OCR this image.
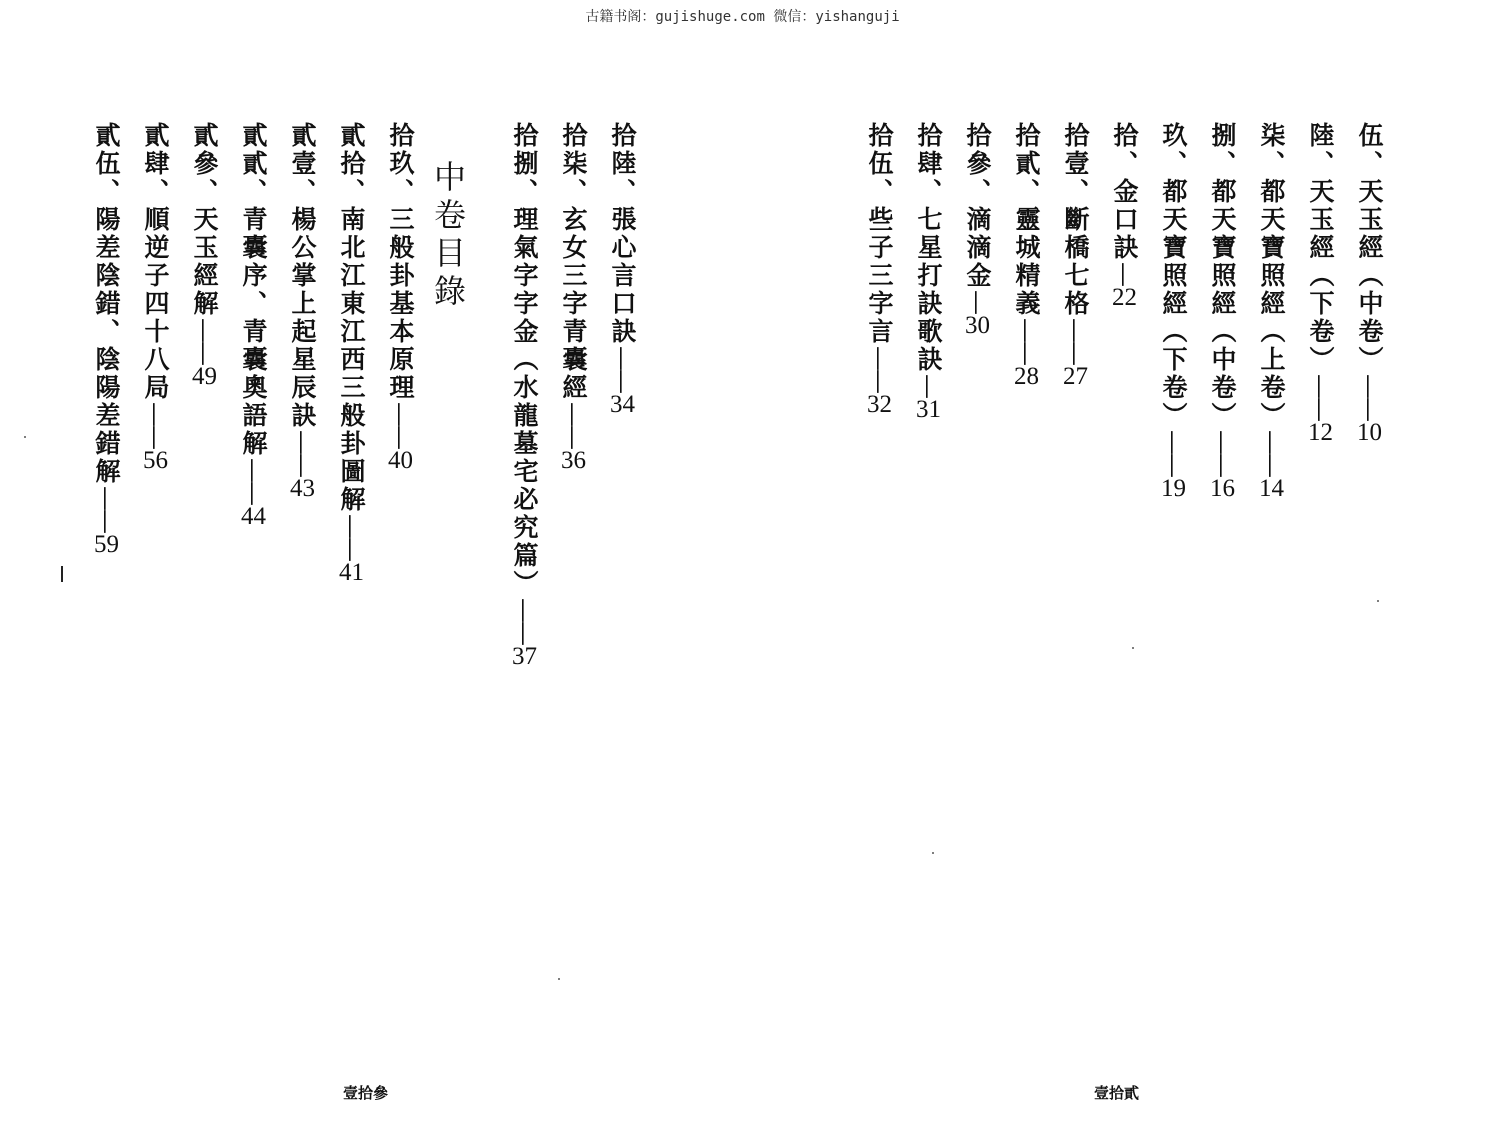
古籍书阁：gujishuge.com 微信：yishanguji
伍、天玉經（中卷）——10
陸、天玉經（下卷）——12
柒、都天寶照經（上卷）——14
捌、都天寶照經（中卷）——16
玖、都天寶照經（下卷）——19
拾、金口訣—22
拾壹、斷橋七格——27
拾貳、靈城精義——28
拾參、滴滴金—30
拾肆、七星打訣歌訣—31
拾伍、些子三字言——32
壹拾貳
拾陸、張心言口訣——34
拾柒、玄女三字青囊經——36
拾捌、理氣字字金（水龍墓宅必究篇）——37
中卷目錄
拾玖、三般卦基本原理——40
貳拾、南北江東江西三般卦圖解——41
貳壹、楊公掌上起星辰訣——43
貳貳、青囊序、青囊奧語解——44
貳參、天玉經解——49
貳肆、順逆子四十八局——56
貳伍、陽差陰錯、陰陽差錯解——59
壹拾參
